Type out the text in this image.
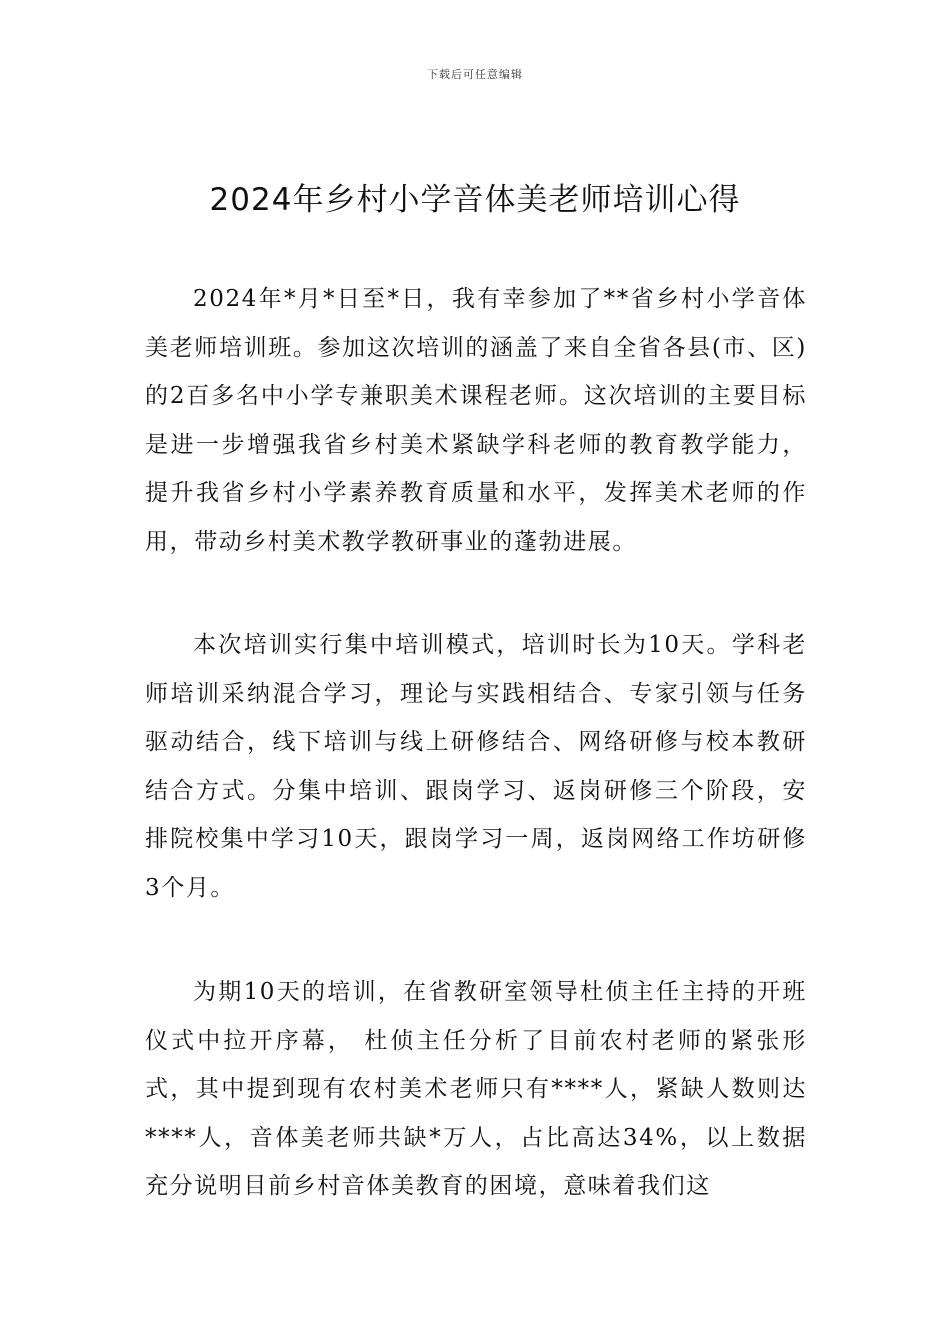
下载后可任意编辑
2024年乡村小学音体美老师培训心得

2024年*月*日至*日，我有幸参加了**省乡村小学音体美老师培训班。参加这次培训的涵盖了来自全省各县(市、区)的2百多名中小学专兼职美术课程老师。这次培训的主要目标是进一步增强我省乡村美术紧缺学科老师的教育教学能力，提升我省乡村小学素养教育质量和水平，发挥美术老师的作用，带动乡村美术教学教研事业的蓬勃进展。

本次培训实行集中培训模式，培训时长为10天。学科老师培训采纳混合学习，理论与实践相结合、专家引领与任务驱动结合，线下培训与线上研修结合、网络研修与校本教研结合方式。分集中培训、跟岗学习、返岗研修三个阶段，安排院校集中学习10天，跟岗学习一周，返岗网络工作坊研修3个月。

为期10天的培训，在省教研室领导杜侦主任主持的开班仪式中拉开序幕， 杜侦主任分析了目前农村老师的紧张形式，其中提到现有农村美术老师只有****人，紧缺人数则达****人，音体美老师共缺*万人，占比高达34%，以上数据充分说明目前乡村音体美教育的困境，意味着我们这
